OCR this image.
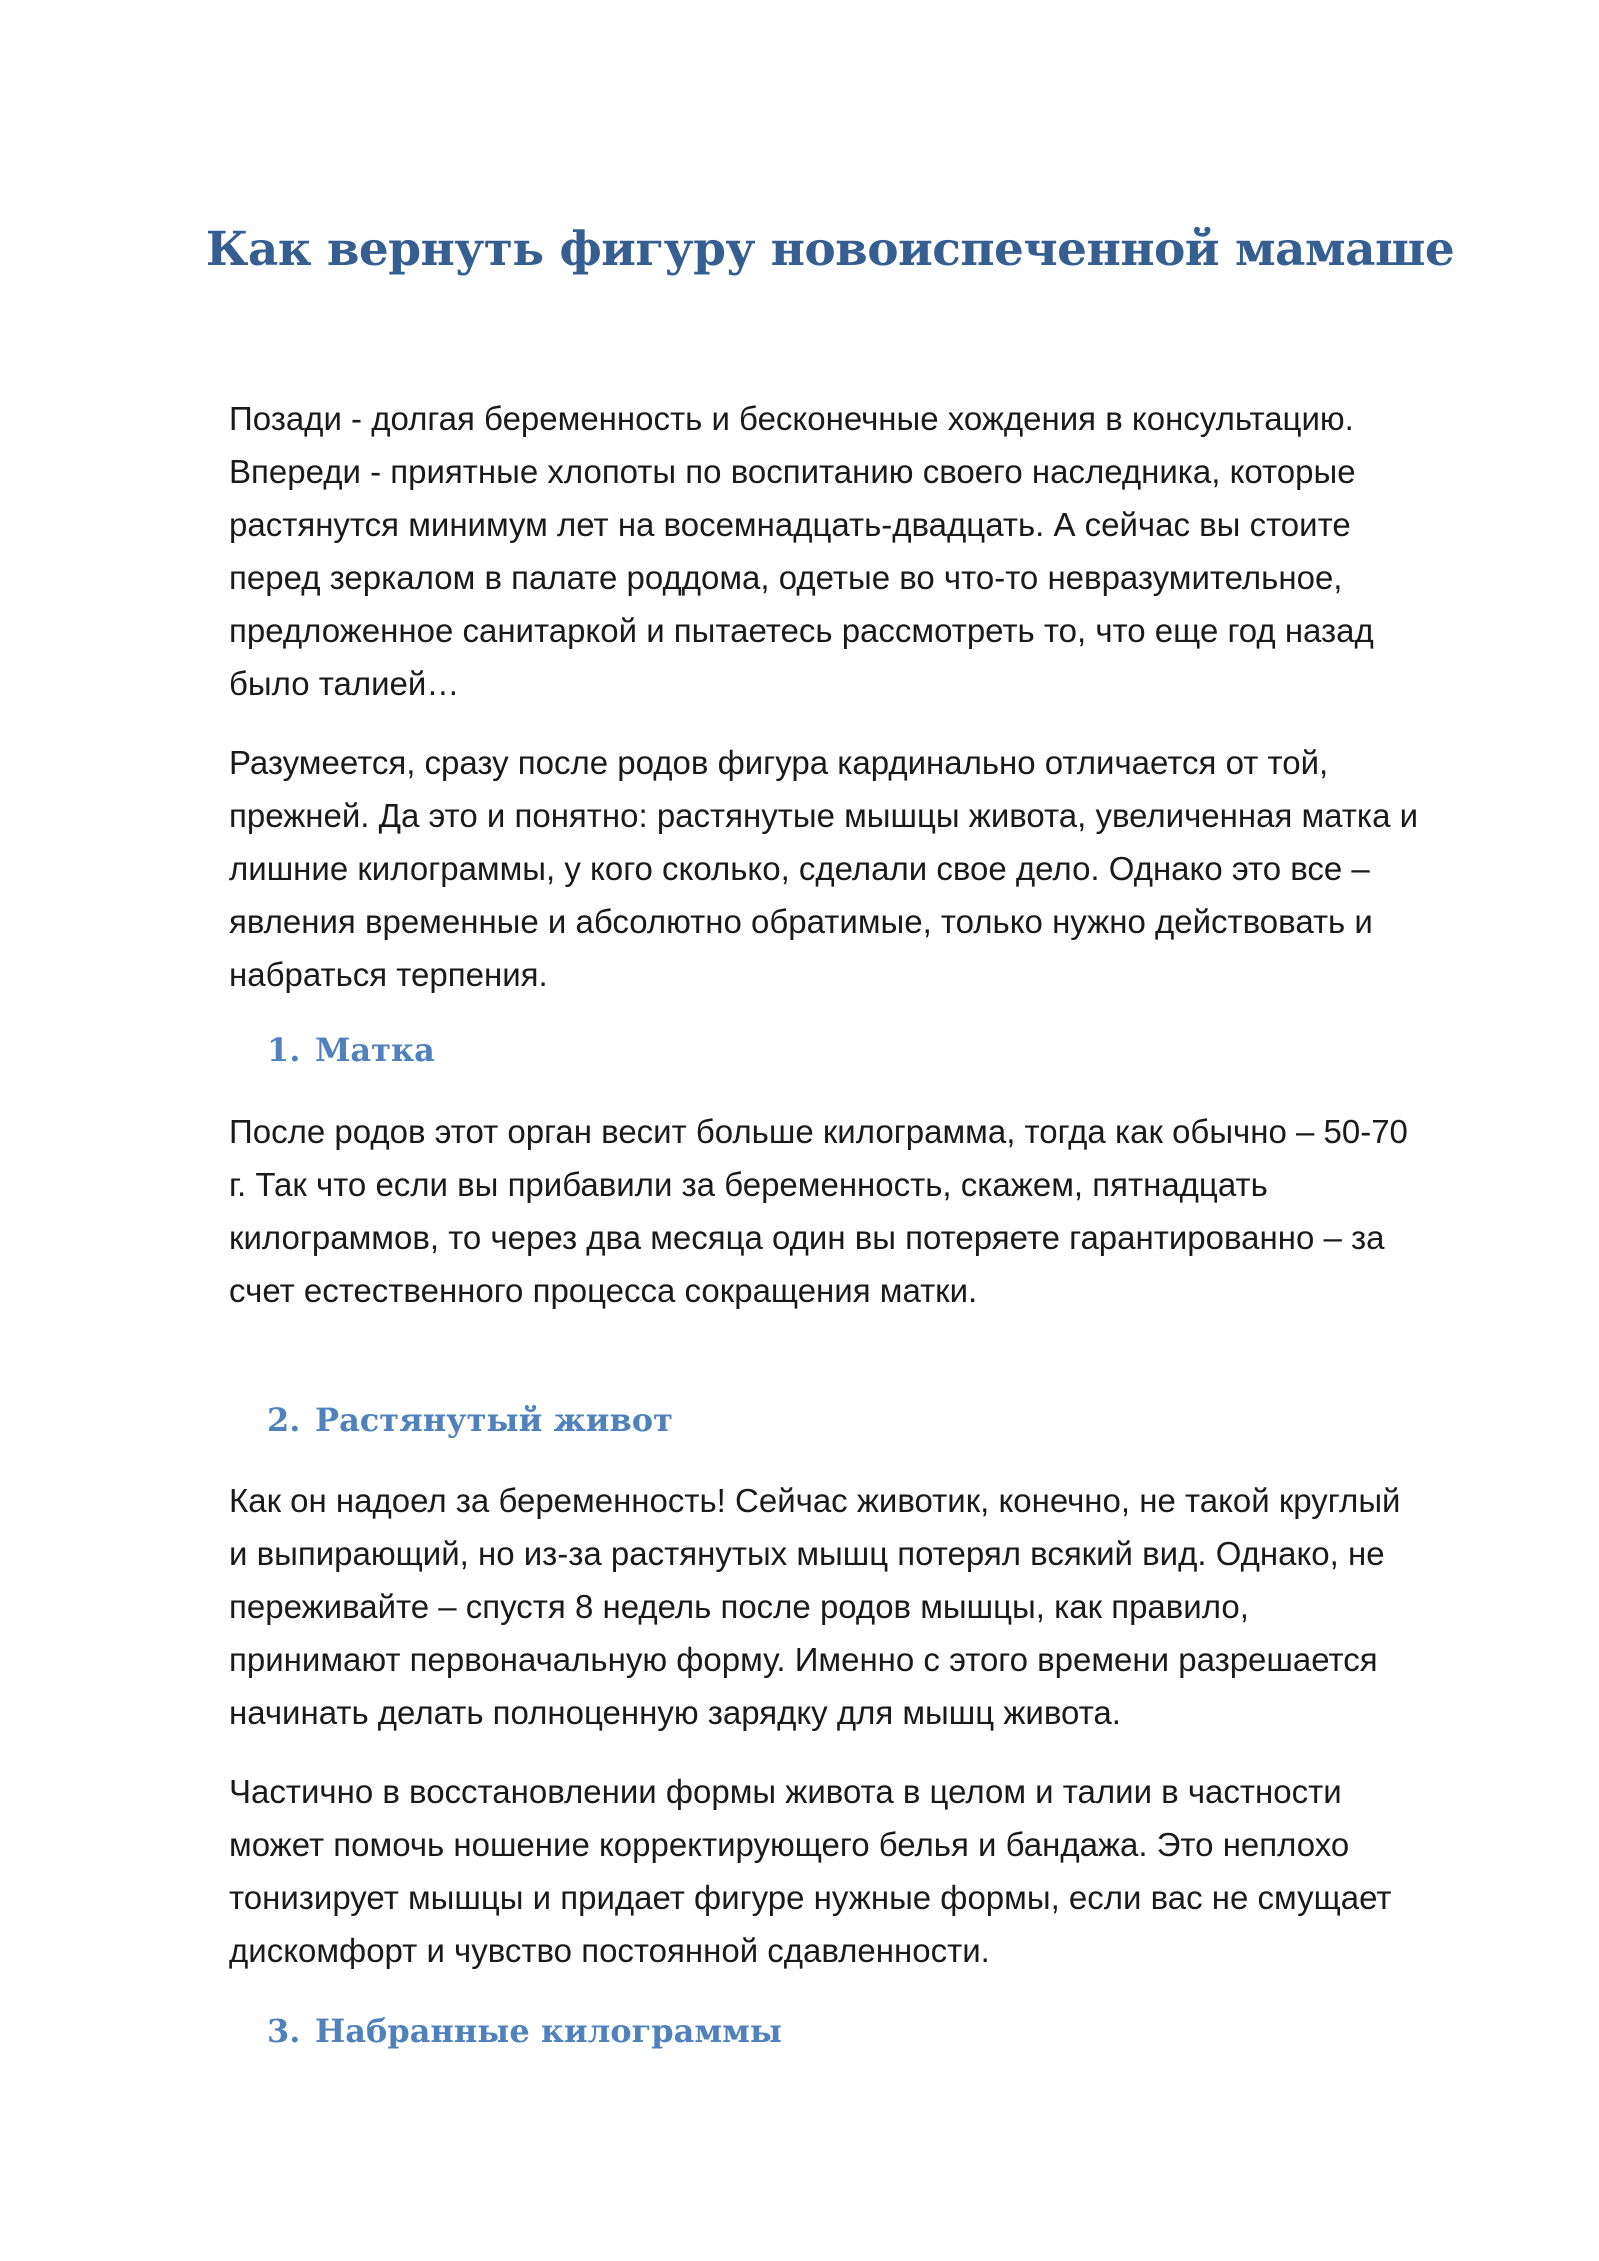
Как вернуть фигуру новоиспеченной мамаше

Позади - долгая беременность и бесконечные хождения в консультацию.
Впереди - приятные хлопоты по воспитанию своего наследника, которые
растянутся минимум лет на восемнадцать-двадцать. А сейчас вы стоите
перед зеркалом в палате роддома, одетые во что-то невразумительное,
предложенное санитаркой и пытаетесь рассмотреть то, что еще год назад
было талией…

Разумеется, сразу после родов фигура кардинально отличается от той,
прежней. Да это и понятно: растянутые мышцы живота, увеличенная матка и
лишние килограммы, у кого сколько, сделали свое дело. Однако это все –
явления временные и абсолютно обратимые, только нужно действовать и
набраться терпения.

1. Матка

После родов этот орган весит больше килограмма, тогда как обычно – 50-70
г. Так что если вы прибавили за беременность, скажем, пятнадцать
килограммов, то через два месяца один вы потеряете гарантированно – за
счет естественного процесса сокращения матки.

2. Растянутый живот

Как он надоел за беременность! Сейчас животик, конечно, не такой круглый
и выпирающий, но из-за растянутых мышц потерял всякий вид. Однако, не
переживайте – спустя 8 недель после родов мышцы, как правило,
принимают первоначальную форму. Именно с этого времени разрешается
начинать делать полноценную зарядку для мышц живота.

Частично в восстановлении формы живота в целом и талии в частности
может помочь ношение корректирующего белья и бандажа. Это неплохо
тонизирует мышцы и придает фигуре нужные формы, если вас не смущает
дискомфорт и чувство постоянной сдавленности.

3. Набранные килограммы
